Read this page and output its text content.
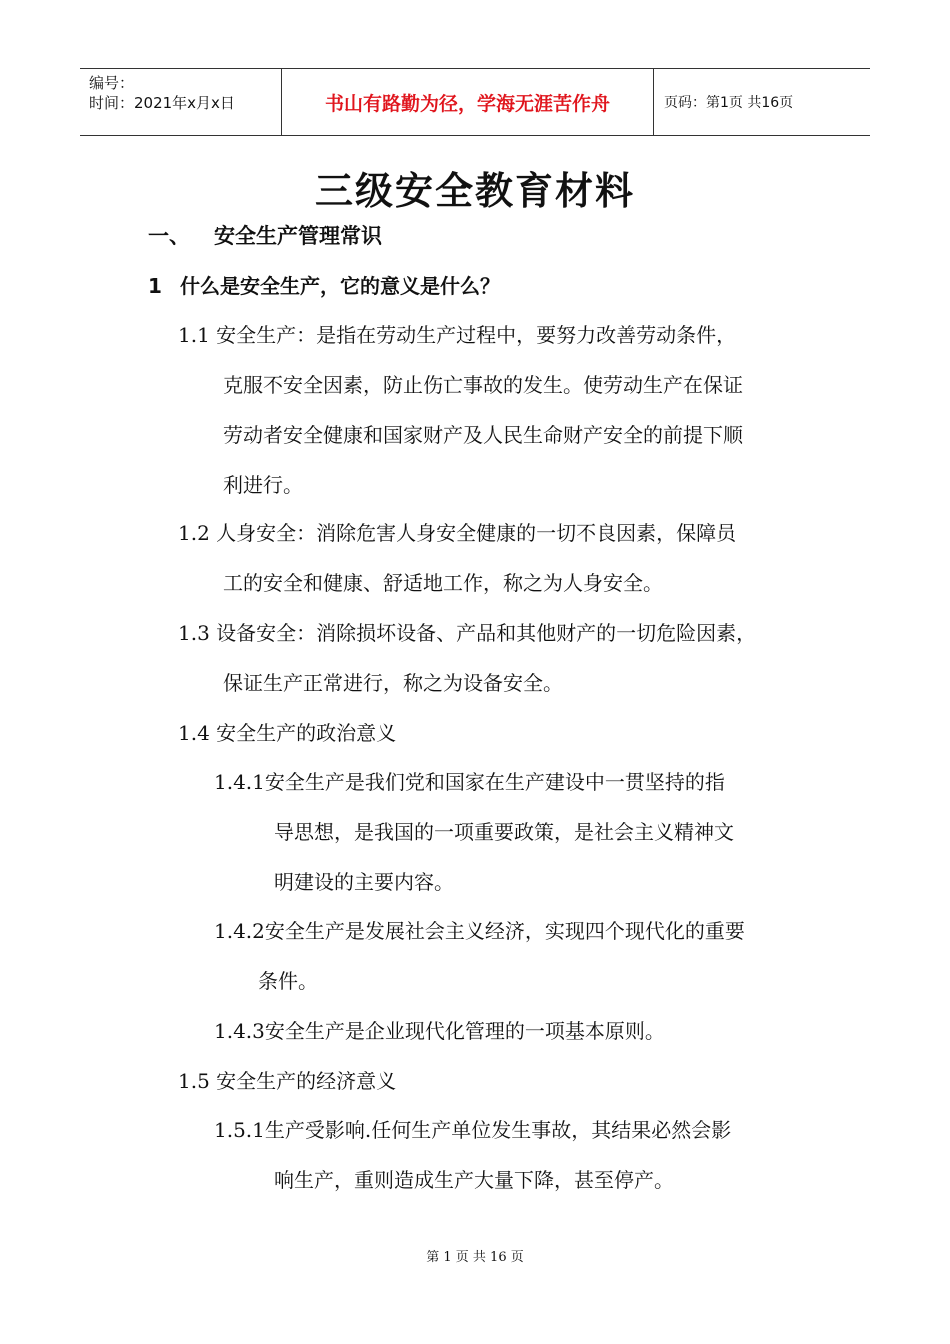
编号：
时间：2021年x月x日	书山有路勤为径，学海无涯苦作舟	页码：第1页 共16页
三级安全教育材料
一、 安全生产管理常识
1 什么是安全生产，它的意义是什么？
1.1 安全生产：是指在劳动生产过程中，要努力改善劳动条件，
克服不安全因素，防止伤亡事故的发生。使劳动生产在保证
劳动者安全健康和国家财产及人民生命财产安全的前提下顺
利进行。
1.2 人身安全：消除危害人身安全健康的一切不良因素，保障员
工的安全和健康、舒适地工作，称之为人身安全。
1.3 设备安全：消除损坏设备、产品和其他财产的一切危险因素，
保证生产正常进行，称之为设备安全。
1.4 安全生产的政治意义
1.4.1安全生产是我们党和国家在生产建设中一贯坚持的指
导思想，是我国的一项重要政策，是社会主义精神文
明建设的主要内容。
1.4.2安全生产是发展社会主义经济，实现四个现代化的重要
条件。
1.4.3安全生产是企业现代化管理的一项基本原则。
1.5 安全生产的经济意义
1.5.1生产受影响.任何生产单位发生事故，其结果必然会影
响生产，重则造成生产大量下降，甚至停产。
第 1 页 共 16 页
